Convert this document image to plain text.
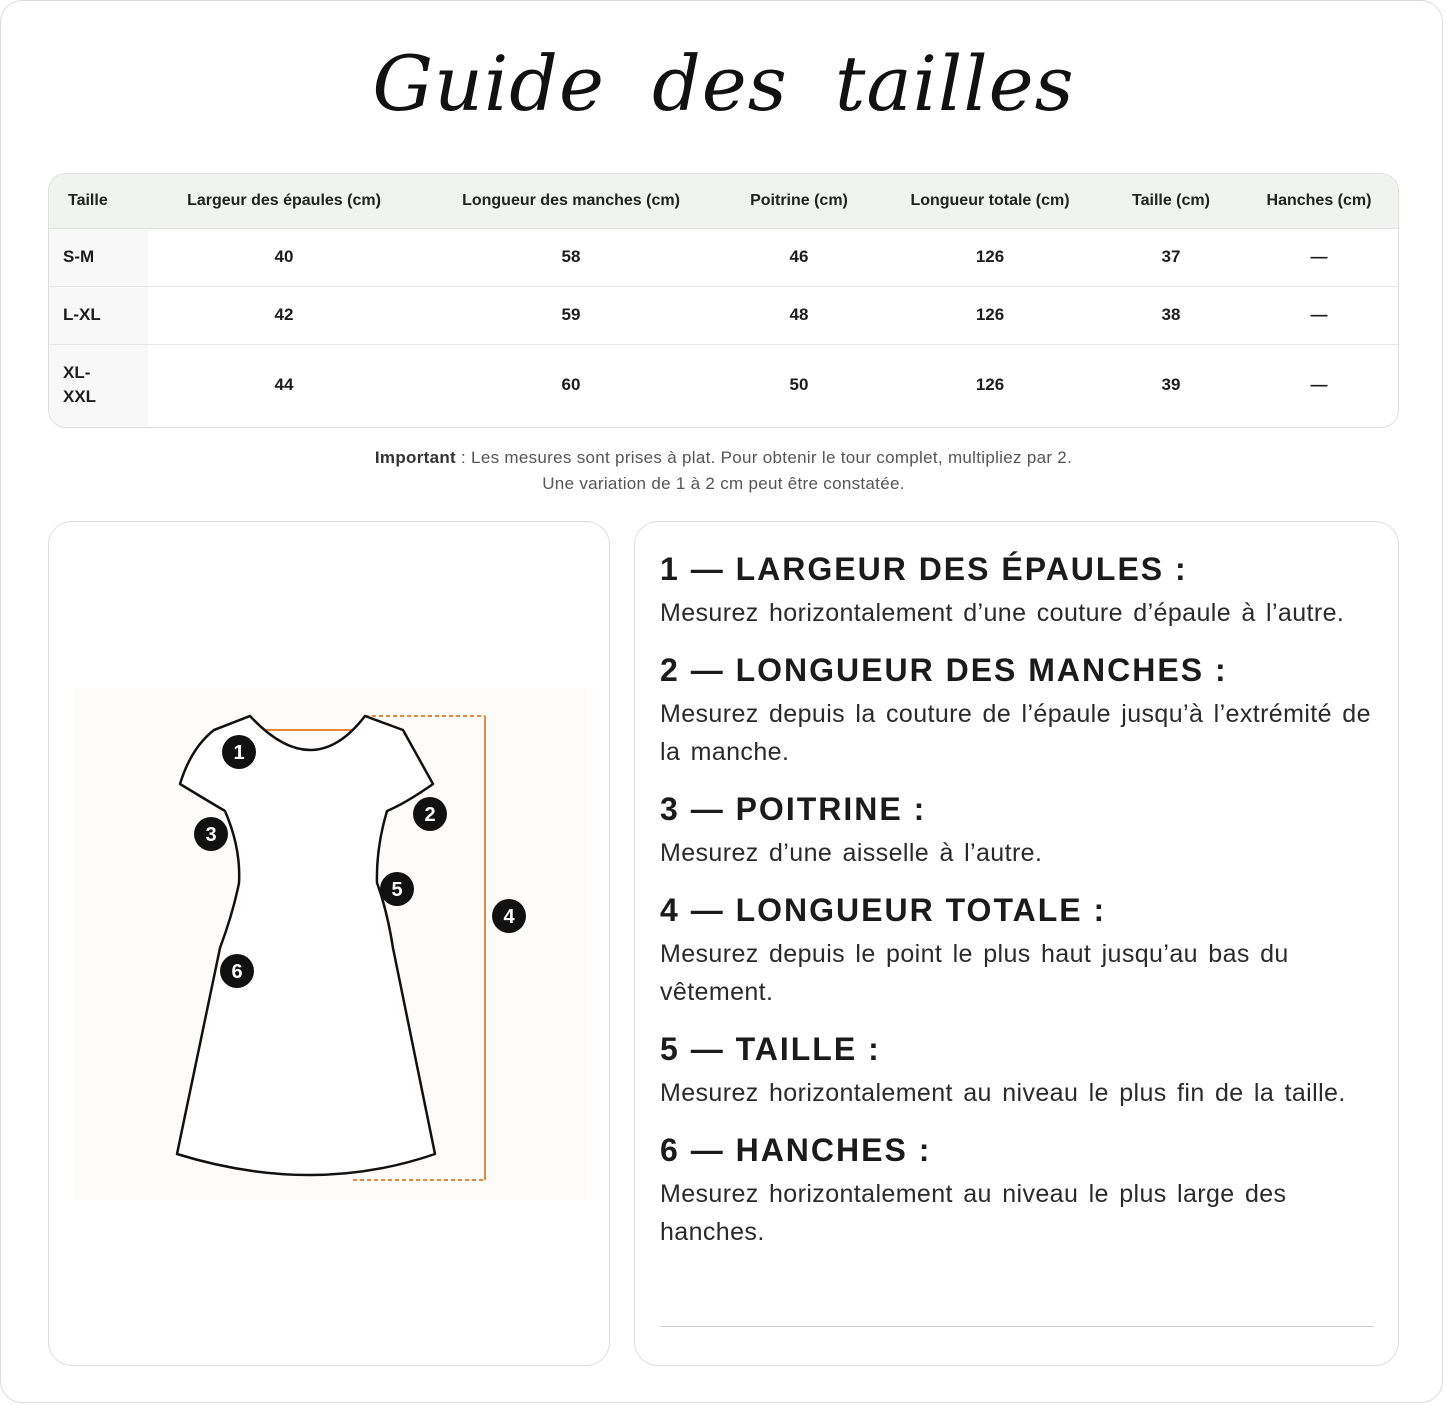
Guide des tailles
Taille	Largeur des épaules (cm)	Longueur des manches (cm)	Poitrine (cm)	Longueur totale (cm)	Taille (cm)	Hanches (cm)
S-M	40	58	46	126	37	—
L-XL	42	59	48	126	38	—
XL-
XXL	44	60	50	126	39	—
Important : Les mesures sont prises à plat. Pour obtenir le tour complet, multipliez par 2.
Une variation de 1 à 2 cm peut être constatée.
1
2
3
4
5
6
1 — LARGEUR DES ÉPAULES :

Mesurez horizontalement d’une couture d’épaule à l’autre.

2 — LONGUEUR DES MANCHES :

Mesurez depuis la couture de l’épaule jusqu’à l’extrémité de la manche.

3 — POITRINE :

Mesurez d’une aisselle à l’autre.

4 — LONGUEUR TOTALE :

Mesurez depuis le point le plus haut jusqu’au bas du vêtement.

5 — TAILLE :

Mesurez horizontalement au niveau le plus fin de la taille.

6 — HANCHES :

Mesurez horizontalement au niveau le plus large des hanches.
